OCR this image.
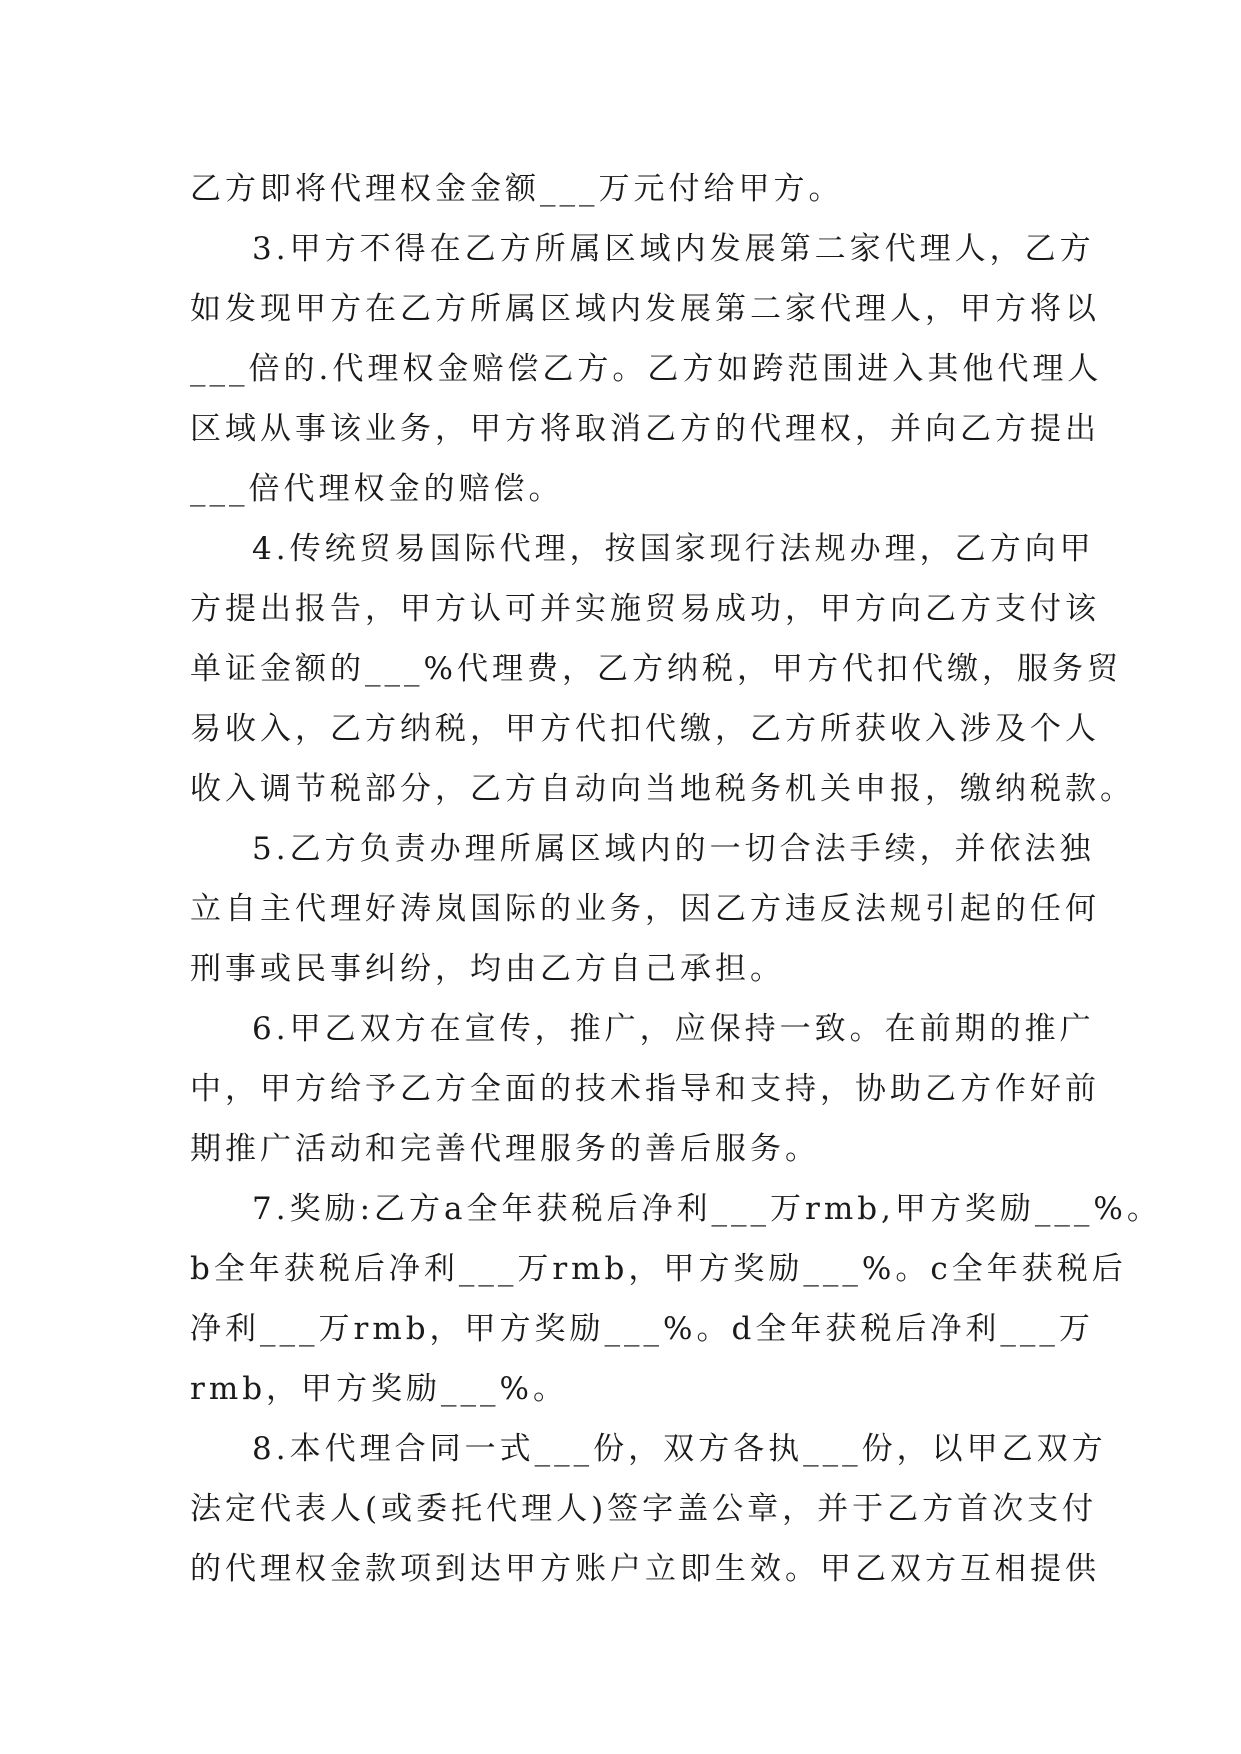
乙方即将代理权金金额___万元付给甲方。
3.甲方不得在乙方所属区域内发展第二家代理人，乙方
如发现甲方在乙方所属区域内发展第二家代理人，甲方将以
___倍的.代理权金赔偿乙方。乙方如跨范围进入其他代理人
区域从事该业务，甲方将取消乙方的代理权，并向乙方提出
___倍代理权金的赔偿。
4.传统贸易国际代理，按国家现行法规办理，乙方向甲
方提出报告，甲方认可并实施贸易成功，甲方向乙方支付该
单证金额的___%代理费，乙方纳税，甲方代扣代缴，服务贸
易收入，乙方纳税，甲方代扣代缴，乙方所获收入涉及个人
收入调节税部分，乙方自动向当地税务机关申报，缴纳税款。
5.乙方负责办理所属区域内的一切合法手续，并依法独
立自主代理好涛岚国际的业务，因乙方违反法规引起的任何
刑事或民事纠纷，均由乙方自己承担。
6.甲乙双方在宣传，推广，应保持一致。在前期的推广
中，甲方给予乙方全面的技术指导和支持，协助乙方作好前
期推广活动和完善代理服务的善后服务。
7.奖励:乙方a全年获税后净利___万rmb,甲方奖励___%。
b全年获税后净利___万rmb，甲方奖励___%。c全年获税后
净利___万rmb，甲方奖励___%。d全年获税后净利___万
rmb，甲方奖励___%。
8.本代理合同一式___份，双方各执___份，以甲乙双方
法定代表人(或委托代理人)签字盖公章，并于乙方首次支付
的代理权金款项到达甲方账户立即生效。甲乙双方互相提供
